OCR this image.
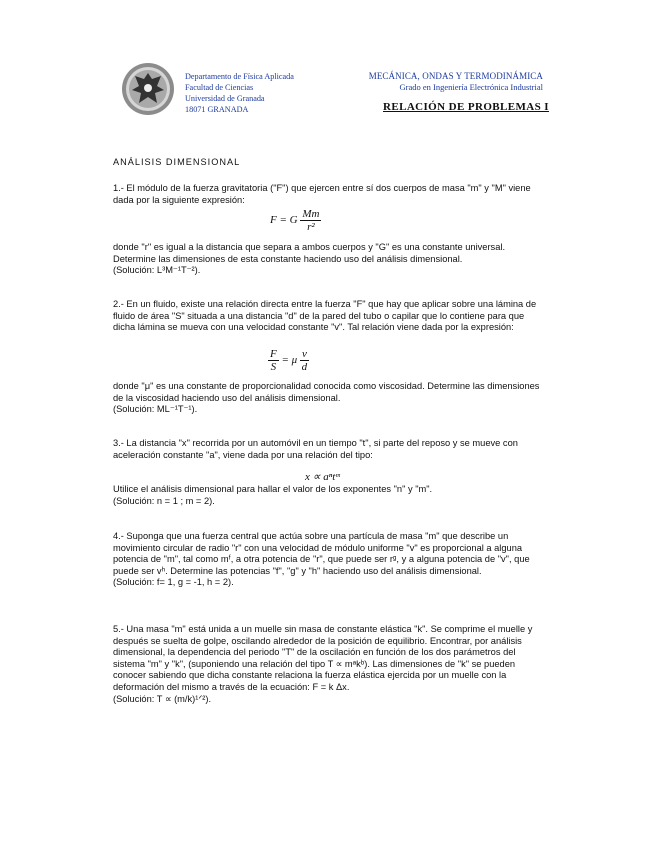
Departamento de Física Aplicada
Facultad de Ciencias
Universidad de Granada
18071 GRANADA
MECÁNICA, ONDAS Y TERMODINÁMICA
Grado en Ingeniería Electrónica Industrial
RELACIÓN DE PROBLEMAS I
ANÁLISIS DIMENSIONAL

1.- El módulo de la fuerza gravitatoria ("F") que ejercen entre sí dos cuerpos de masa "m" y "M" viene dada por la siguiente expresión:

F = G $\frac{Mm}{\text{r²}}$

donde "r" es igual a la distancia que separa a ambos cuerpos y "G" es una constante universal. Determine las dimensiones de esta constante haciendo uso del análisis dimensional.

(Solución: L³M⁻¹T⁻²).

2.- En un fluido, existe una relación directa entre la fuerza "F" que hay que aplicar sobre una lámina de fluido de área "S" situada a una distancia "d" de la pared del tubo o capilar que lo contiene para que dicha lámina se mueva con una velocidad constante "v". Tal relación viene dada por la expresión:

$\frac{F}{S} = \mu \frac{v}{d}$

donde "μ" es una constante de proporcionalidad conocida como viscosidad. Determine las dimensiones de la viscosidad haciendo uso del análisis dimensional.

(Solución: ML⁻¹T⁻¹).

3.- La distancia "x" recorrida por un automóvil en un tiempo "t", si parte del reposo y se mueve con aceleración constante "a", viene dada por una relación del tipo:

x ∝ aⁿtᵐ

Utilice el análisis dimensional para hallar el valor de los exponentes "n" y "m".

(Solución: n = 1 ; m = 2).

4.- Suponga que una fuerza central que actúa sobre una partícula de masa "m" que describe un movimiento circular de radio "r" con una velocidad de módulo uniforme "v" es proporcional a alguna potencia de "m", tal como mᶠ, a otra potencia de "r", que puede ser rᵍ, y a alguna potencia de "v", que puede ser vʰ. Determine las potencias "f", "g" y "h" haciendo uso del análisis dimensional.

(Solución: f= 1, g = -1, h = 2).

5.- Una masa "m" está unida a un muelle sin masa de constante elástica "k". Se comprime el muelle y después se suelta de golpe, oscilando alrededor de la posición de equilibrio. Encontrar, por análisis dimensional, la dependencia del periodo "T" de la oscilación en función de los dos parámetros del sistema "m" y "k", (suponiendo una relación del tipo T ∝ mᵃkᵇ). Las dimensiones de "k" se pueden conocer sabiendo que dicha constante relaciona la fuerza elástica ejercida por un muelle con la deformación del mismo a través de la ecuación: F = k Δx.

(Solución: T ∝ (m/k)¹ᐟ²).
